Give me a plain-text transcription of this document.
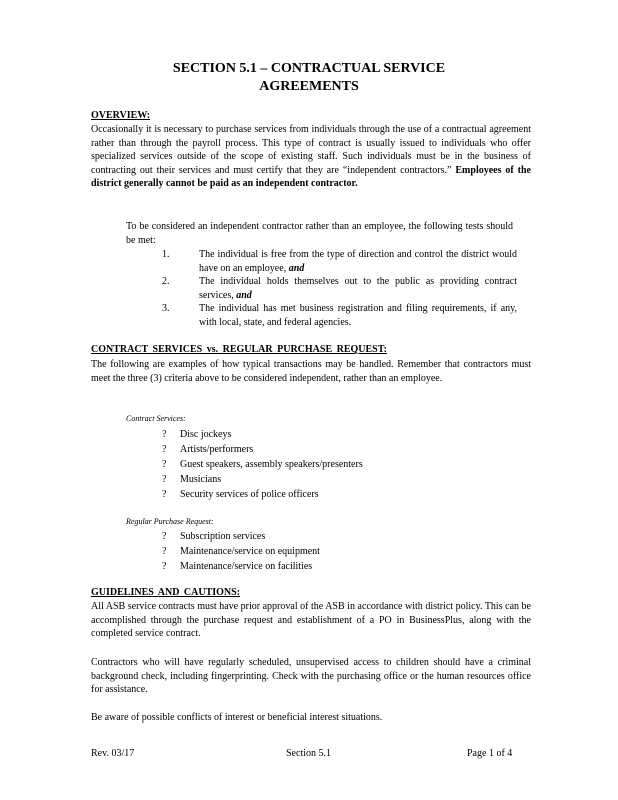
SECTION 5.1 – CONTRACTUAL SERVICE
AGREEMENTS
OVERVIEW:

Occasionally it is necessary to purchase services from individuals through the use of a contractual agreement rather than through the payroll process. This type of contract is usually issued to individuals who offer specialized services outside of the scope of existing staff. Such individuals must be in the business of contracting out their services and must certify that they are “independent contractors.” Employees of the district generally cannot be paid as an independent contractor.

To be considered an independent contractor rather than an employee, the following tests should be met:

1.	The individual is free from the type of direction and control the district would have on an employee, and
2.	The individual holds themselves out to the public as providing contract services, and
3.	The individual has met business registration and filing requirements, if any, with local, state, and federal agencies.
CONTRACT SERVICES vs. REGULAR PURCHASE REQUEST:

The following are examples of how typical transactions may be handled. Remember that contractors must meet the three (3) criteria above to be considered independent, rather than an employee.

Contract Services:
? Disc jockeys
? Artists/performers
? Guest speakers, assembly speakers/presenters
? Musicians
? Security services of police officers
Regular Purchase Request:
? Subscription services
? Maintenance/service on equipment
? Maintenance/service on facilities
GUIDELINES AND CAUTIONS:

All ASB service contracts must have prior approval of the ASB in accordance with district policy. This can be accomplished through the purchase request and establishment of a PO in BusinessPlus, along with the completed service contract.

Contractors who will have regularly scheduled, unsupervised access to children should have a criminal background check, including fingerprinting. Check with the purchasing office or the human resources office for assistance.

Be aware of possible conflicts of interest or beneficial interest situations.

Rev. 03/17	Section 5.1	Page 1 of 4
